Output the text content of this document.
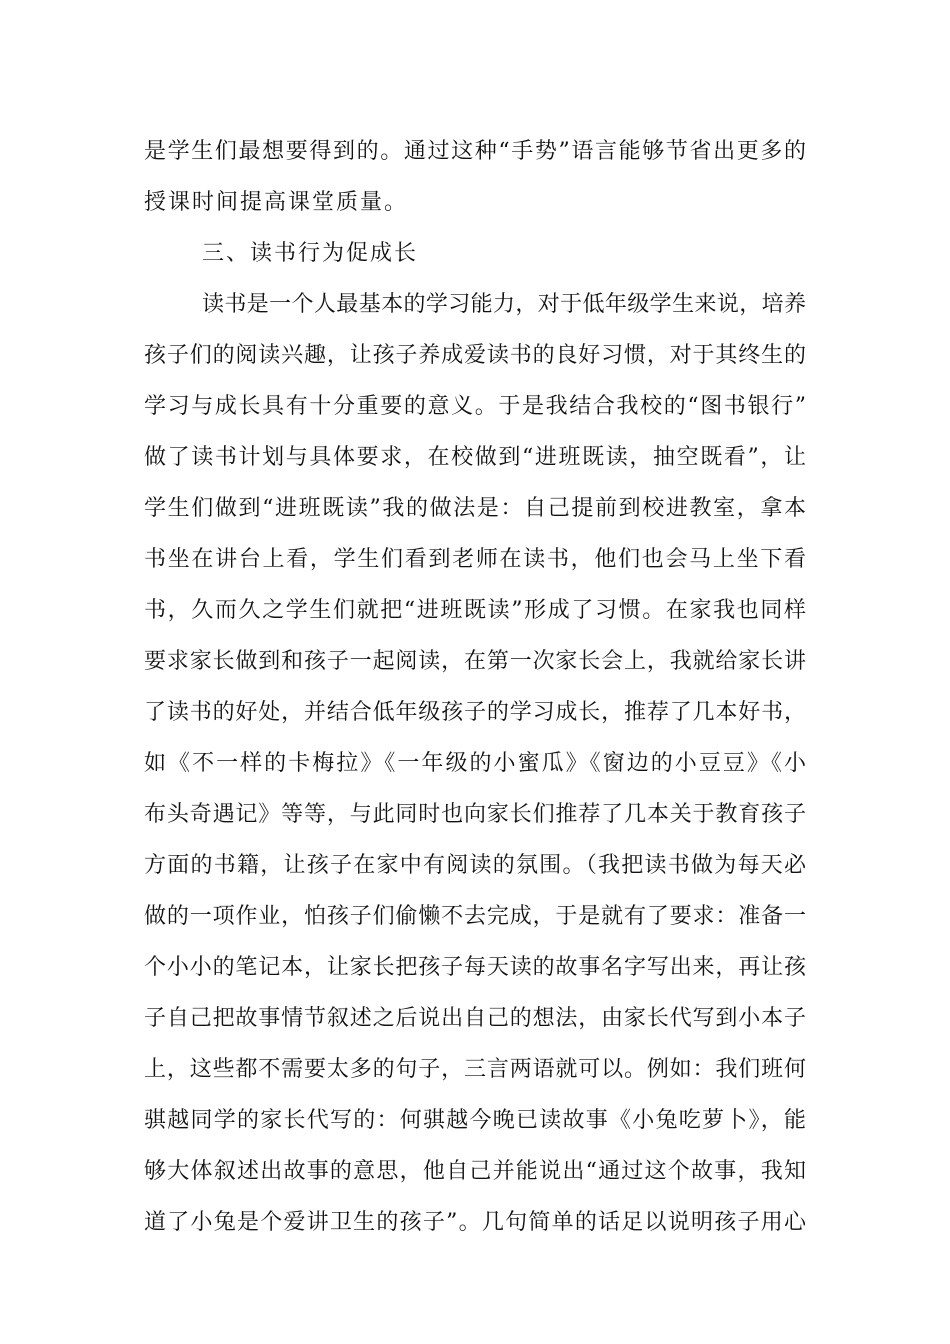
是学生们最想要得到的。通过这种“手势”语言能够节省出更多的
授课时间提高课堂质量。
三、读书行为促成长
读书是一个人最基本的学习能力，对于低年级学生来说，培养
孩子们的阅读兴趣，让孩子养成爱读书的良好习惯，对于其终生的
学习与成长具有十分重要的意义。于是我结合我校的“图书银行”
做了读书计划与具体要求，在校做到“进班既读，抽空既看”，让
学生们做到“进班既读”我的做法是：自己提前到校进教室，拿本
书坐在讲台上看，学生们看到老师在读书，他们也会马上坐下看
书，久而久之学生们就把“进班既读”形成了习惯。在家我也同样
要求家长做到和孩子一起阅读，在第一次家长会上，我就给家长讲
了读书的好处，并结合低年级孩子的学习成长，推荐了几本好书，
如《不一样的卡梅拉》《一年级的小蜜瓜》《窗边的小豆豆》《小
布头奇遇记》等等，与此同时也向家长们推荐了几本关于教育孩子
方面的书籍，让孩子在家中有阅读的氛围。（我把读书做为每天必
做的一项作业，怕孩子们偷懒不去完成，于是就有了要求：准备一
个小小的笔记本，让家长把孩子每天读的故事名字写出来，再让孩
子自己把故事情节叙述之后说出自己的想法，由家长代写到小本子
上，这些都不需要太多的句子，三言两语就可以。例如：我们班何
骐越同学的家长代写的：何骐越今晚已读故事《小兔吃萝卜》，能
够大体叙述出故事的意思，他自己并能说出“通过这个故事，我知
道了小兔是个爱讲卫生的孩子”。几句简单的话足以说明孩子用心
